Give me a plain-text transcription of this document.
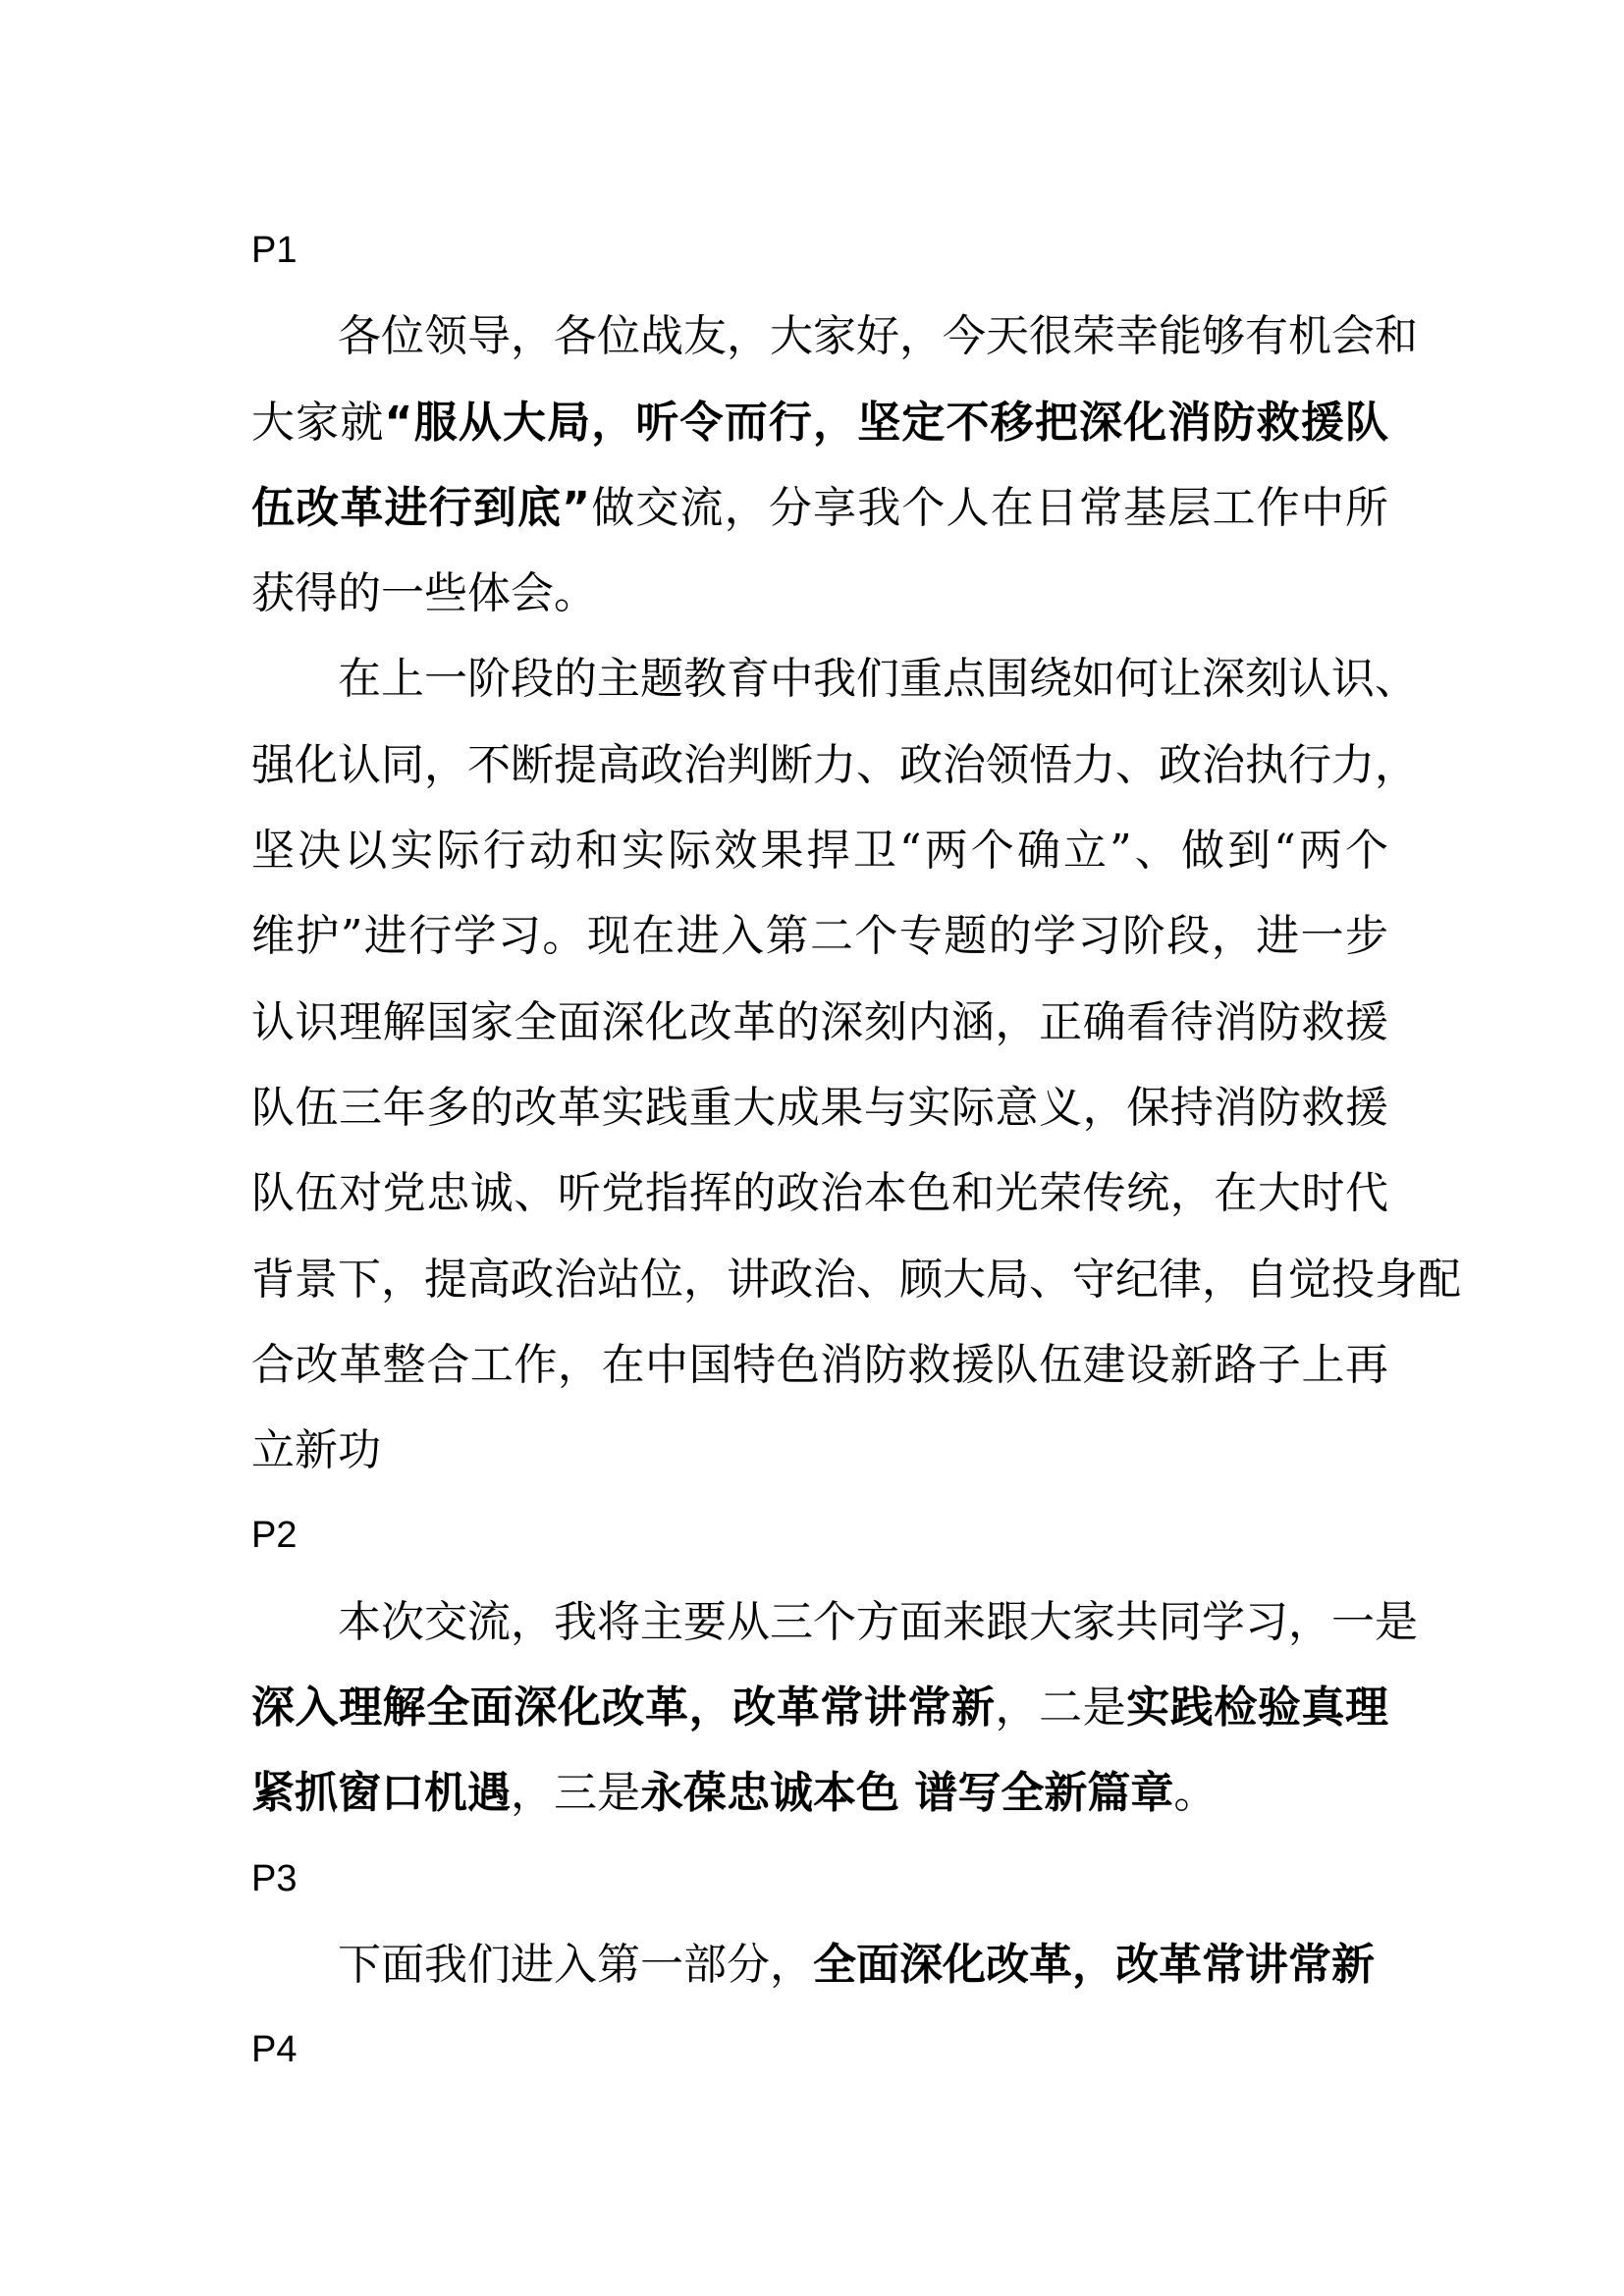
P1
各位领导，各位战友，大家好，今天很荣幸能够有机会和
大家就“服从大局，听令而行，坚定不移把深化消防救援队
伍改革进行到底”做交流，分享我个人在日常基层工作中所
获得的一些体会。
在上一阶段的主题教育中我们重点围绕如何让深刻认识、
强化认同，不断提高政治判断力、政治领悟力、政治执行力，
坚决以实际行动和实际效果捍卫“两个确立”、做到“两个
维护”进行学习。现在进入第二个专题的学习阶段，进一步
认识理解国家全面深化改革的深刻内涵，正确看待消防救援
队伍三年多的改革实践重大成果与实际意义，保持消防救援
队伍对党忠诚、听党指挥的政治本色和光荣传统，在大时代
背景下，提高政治站位，讲政治、顾大局、守纪律，自觉投身配
合改革整合工作，在中国特色消防救援队伍建设新路子上再
立新功
P2
本次交流，我将主要从三个方面来跟大家共同学习，一是
深入理解全面深化改革，改革常讲常新，二是实践检验真理
紧抓窗口机遇，三是永葆忠诚本色 谱写全新篇章。
P3
下面我们进入第一部分，全面深化改革，改革常讲常新
P4
